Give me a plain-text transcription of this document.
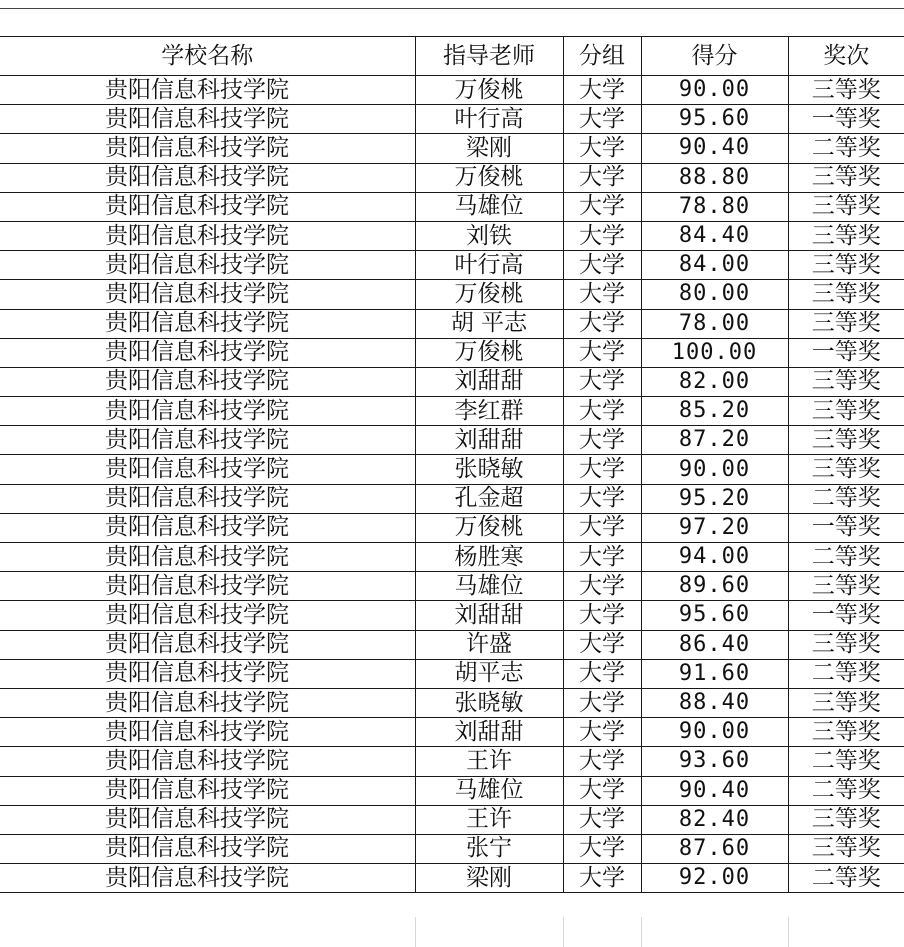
学校名称	指导老师	分组	得分	奖次
贵阳信息科技学院	万俊桃	大学	90.00	三等奖
贵阳信息科技学院	叶行高	大学	95.60	一等奖
贵阳信息科技学院	梁刚	大学	90.40	二等奖
贵阳信息科技学院	万俊桃	大学	88.80	三等奖
贵阳信息科技学院	马雄位	大学	78.80	三等奖
贵阳信息科技学院	刘铁	大学	84.40	三等奖
贵阳信息科技学院	叶行高	大学	84.00	三等奖
贵阳信息科技学院	万俊桃	大学	80.00	三等奖
贵阳信息科技学院	胡 平志	大学	78.00	三等奖
贵阳信息科技学院	万俊桃	大学	100.00	一等奖
贵阳信息科技学院	刘甜甜	大学	82.00	三等奖
贵阳信息科技学院	李红群	大学	85.20	三等奖
贵阳信息科技学院	刘甜甜	大学	87.20	三等奖
贵阳信息科技学院	张晓敏	大学	90.00	三等奖
贵阳信息科技学院	孔金超	大学	95.20	二等奖
贵阳信息科技学院	万俊桃	大学	97.20	一等奖
贵阳信息科技学院	杨胜寒	大学	94.00	二等奖
贵阳信息科技学院	马雄位	大学	89.60	三等奖
贵阳信息科技学院	刘甜甜	大学	95.60	一等奖
贵阳信息科技学院	许盛	大学	86.40	三等奖
贵阳信息科技学院	胡平志	大学	91.60	二等奖
贵阳信息科技学院	张晓敏	大学	88.40	三等奖
贵阳信息科技学院	刘甜甜	大学	90.00	三等奖
贵阳信息科技学院	王许	大学	93.60	二等奖
贵阳信息科技学院	马雄位	大学	90.40	二等奖
贵阳信息科技学院	王许	大学	82.40	三等奖
贵阳信息科技学院	张宁	大学	87.60	三等奖
贵阳信息科技学院	梁刚	大学	92.00	二等奖
